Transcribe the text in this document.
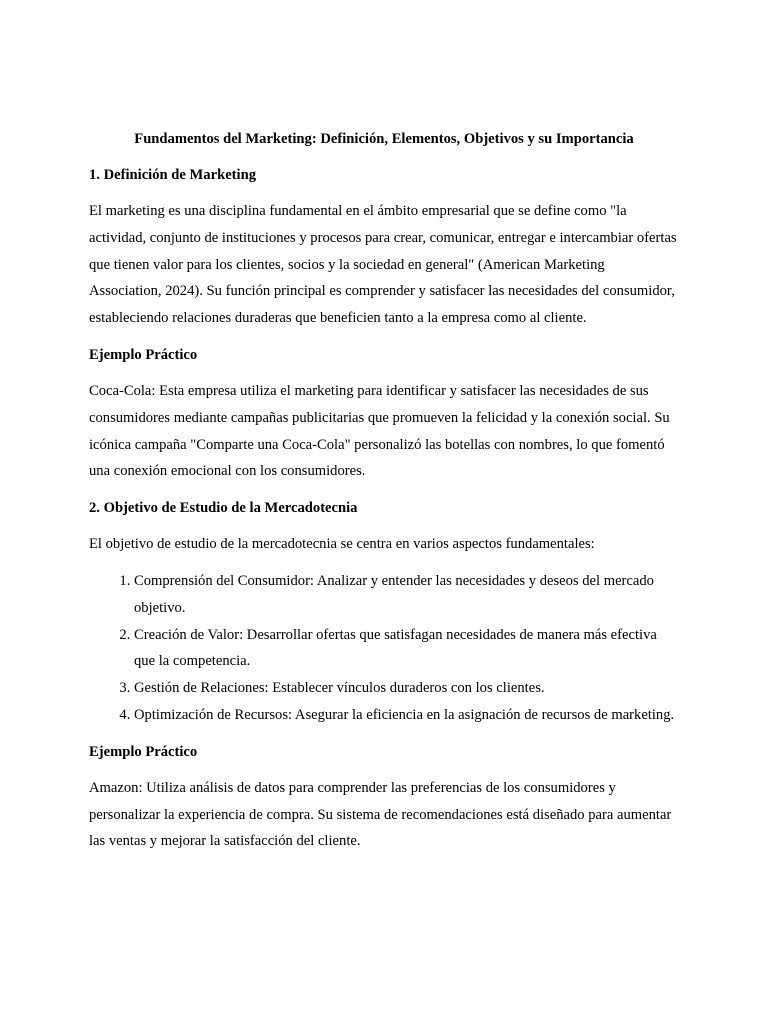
Fundamentos del Marketing: Definición, Elementos, Objetivos y su Importancia
1. Definición de Marketing
El marketing es una disciplina fundamental en el ámbito empresarial que se define como "la actividad, conjunto de instituciones y procesos para crear, comunicar, entregar e intercambiar ofertas que tienen valor para los clientes, socios y la sociedad en general" (American Marketing Association, 2024). Su función principal es comprender y satisfacer las necesidades del consumidor, estableciendo relaciones duraderas que beneficien tanto a la empresa como al cliente.
Ejemplo Práctico
Coca-Cola: Esta empresa utiliza el marketing para identificar y satisfacer las necesidades de sus consumidores mediante campañas publicitarias que promueven la felicidad y la conexión social. Su icónica campaña "Comparte una Coca-Cola" personalizó las botellas con nombres, lo que fomentó una conexión emocional con los consumidores.
2. Objetivo de Estudio de la Mercadotecnia
El objetivo de estudio de la mercadotecnia se centra en varios aspectos fundamentales:
1. Comprensión del Consumidor: Analizar y entender las necesidades y deseos del mercado objetivo.
2. Creación de Valor: Desarrollar ofertas que satisfagan necesidades de manera más efectiva que la competencia.
3. Gestión de Relaciones: Establecer vínculos duraderos con los clientes.
4. Optimización de Recursos: Asegurar la eficiencia en la asignación de recursos de marketing.
Ejemplo Práctico
Amazon: Utiliza análisis de datos para comprender las preferencias de los consumidores y personalizar la experiencia de compra. Su sistema de recomendaciones está diseñado para aumentar las ventas y mejorar la satisfacción del cliente.
